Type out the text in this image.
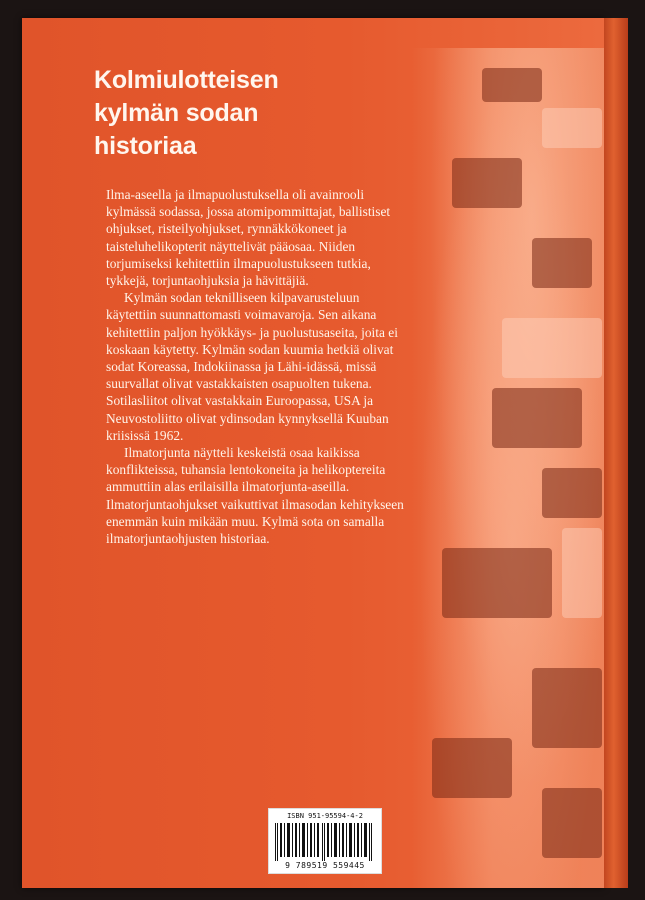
Kolmiulotteisen
kylmän sodan
historiaa

Ilma-aseella ja ilmapuolustuksella oli avainrooli kylmässä sodassa, jossa atomipommittajat, ballistiset ohjukset, risteilyohjukset, rynnäkkökoneet ja taisteluhelikopterit näyttelivät pääosaa. Niiden torjumiseksi kehitettiin ilmapuolustukseen tutkia, tykkejä, torjuntaohjuksia ja hävittäjiä.

Kylmän sodan teknilliseen kilpavarusteluun käytettiin suunnattomasti voimavaroja. Sen aikana kehitettiin paljon hyökkäys- ja puolustusaseita, joita ei koskaan käytetty. Kylmän sodan kuumia hetkiä olivat sodat Koreassa, Indokiinassa ja Lähi-idässä, missä suurvallat olivat vastakkaisten osapuolten tukena. Sotilasliitot olivat vastakkain Euroopassa, USA ja Neuvostoliitto olivat ydinsodan kynnyksellä Kuuban kriisissä 1962.

Ilmatorjunta näytteli keskeistä osaa kaikissa konflikteissa, tuhansia lentokoneita ja helikoptereita ammuttiin alas erilaisilla ilmatorjunta-aseilla. Ilmatorjuntaohjukset vaikuttivat ilmasodan kehitykseen enemmän kuin mikään muu. Kylmä sota on samalla ilmatorjuntaohjusten historiaa.

ISBN 951-95594-4-2
9 789519 559445
